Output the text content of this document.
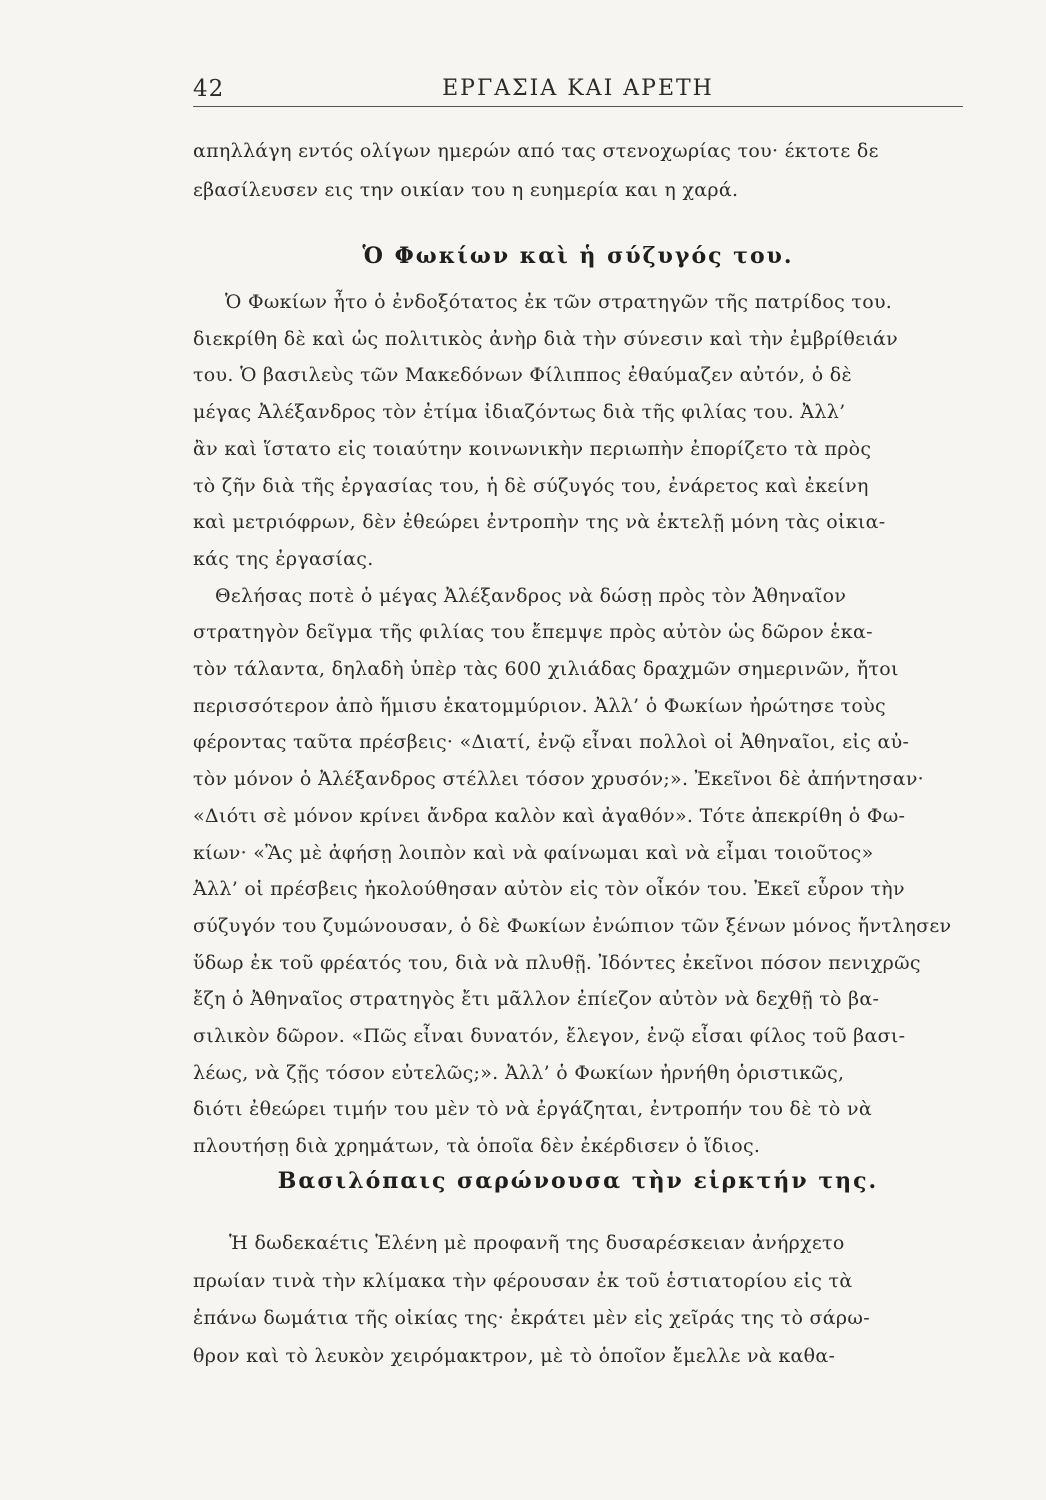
42	ΕΡΓΑΣΙΑ ΚΑΙ ΑΡΕΤΗ
απηλλάγη εντός ολίγων ημερών από τας στενοχωρίας του· έκτοτε δε
εβασίλευσεν εις την οικίαν του η ευημερία και η χαρά.
Ὁ Φωκίων καὶ ἡ σύζυγός του.
Ὁ Φωκίων ἦτο ὁ ἐνδοξότατος ἐκ τῶν στρατηγῶν τῆς πατρίδος του.
διεκρίθη δὲ καὶ ὡς πολιτικὸς ἀνὴρ διὰ τὴν σύνεσιν καὶ τὴν ἐμβρίθειάν
του. Ὁ βασιλεὺς τῶν Μακεδόνων Φίλιππος ἐθαύμαζεν αὐτόν, ὁ δὲ
μέγας Ἀλέξανδρος τὸν ἐτίμα ἰδιαζόντως διὰ τῆς φιλίας του. Ἀλλ’
ἂν καὶ ἵστατο εἰς τοιαύτην κοινωνικὴν περιωπὴν ἐπορίζετο τὰ πρὸς
τὸ ζῆν διὰ τῆς ἐργασίας του, ἡ δὲ σύζυγός του, ἐνάρετος καὶ ἐκείνη
καὶ μετριόφρων, δὲν ἐθεώρει ἐντροπὴν της νὰ ἐκτελῇ μόνη τὰς οἰκια-
κάς της ἐργασίας.
Θελήσας ποτὲ ὁ μέγας Ἀλέξανδρος νὰ δώσῃ πρὸς τὸν Ἀθηναῖον
στρατηγὸν δεῖγμα τῆς φιλίας του ἔπεμψε πρὸς αὐτὸν ὡς δῶρον ἑκα-
τὸν τάλαντα, δηλαδὴ ὑπὲρ τὰς 600 χιλιάδας δραχμῶν σημερινῶν, ἤτοι
περισσότερον ἀπὸ ἥμισυ ἑκατομμύριον. Ἀλλ’ ὁ Φωκίων ἠρώτησε τοὺς
φέροντας ταῦτα πρέσβεις· «Διατί, ἐνῷ εἶναι πολλοὶ οἱ Ἀθηναῖοι, εἰς αὐ-
τὸν μόνον ὁ Ἀλέξανδρος στέλλει τόσον χρυσόν;». Ἐκεῖνοι δὲ ἀπήντησαν·
«Διότι σὲ μόνον κρίνει ἄνδρα καλὸν καὶ ἀγαθόν». Τότε ἀπεκρίθη ὁ Φω-
κίων· «Ἂς μὲ ἀφήσῃ λοιπὸν καὶ νὰ φαίνωμαι καὶ νὰ εἶμαι τοιοῦτος»
Ἀλλ’ οἱ πρέσβεις ἠκολούθησαν αὐτὸν εἰς τὸν οἶκόν του. Ἐκεῖ εὗρον τὴν
σύζυγόν του ζυμώνουσαν, ὁ δὲ Φωκίων ἐνώπιον τῶν ξένων μόνος ἤντλησεν
ὕδωρ ἐκ τοῦ φρέατός του, διὰ νὰ πλυθῇ. Ἰδόντες ἐκεῖνοι πόσον πενιχρῶς
ἔζη ὁ Ἀθηναῖος στρατηγὸς ἔτι μᾶλλον ἐπίεζον αὐτὸν νὰ δεχθῇ τὸ βα-
σιλικὸν δῶρον. «Πῶς εἶναι δυνατόν, ἔλεγον, ἐνῷ εἶσαι φίλος τοῦ βασι-
λέως, νὰ ζῇς τόσον εὐτελῶς;». Ἀλλ’ ὁ Φωκίων ἠρνήθη ὁριστικῶς,
διότι ἐθεώρει τιμήν του μὲν τὸ νὰ ἐργάζηται, ἐντροπήν του δὲ τὸ νὰ
πλουτήσῃ διὰ χρημάτων, τὰ ὁποῖα δὲν ἐκέρδισεν ὁ ἴδιος.
Βασιλόπαις σαρώνουσα τὴν εἱρκτήν της.
Ἡ δωδεκαέτις Ἑλένη μὲ προφανῆ της δυσαρέσκειαν ἀνήρχετο
πρωίαν τινὰ τὴν κλίμακα τὴν φέρουσαν ἐκ τοῦ ἑστιατορίου εἰς τὰ
ἐπάνω δωμάτια τῆς οἰκίας της· ἐκράτει μὲν εἰς χεῖράς της τὸ σάρω-
θρον καὶ τὸ λευκὸν χειρόμακτρον, μὲ τὸ ὁποῖον ἔμελλε νὰ καθα-
